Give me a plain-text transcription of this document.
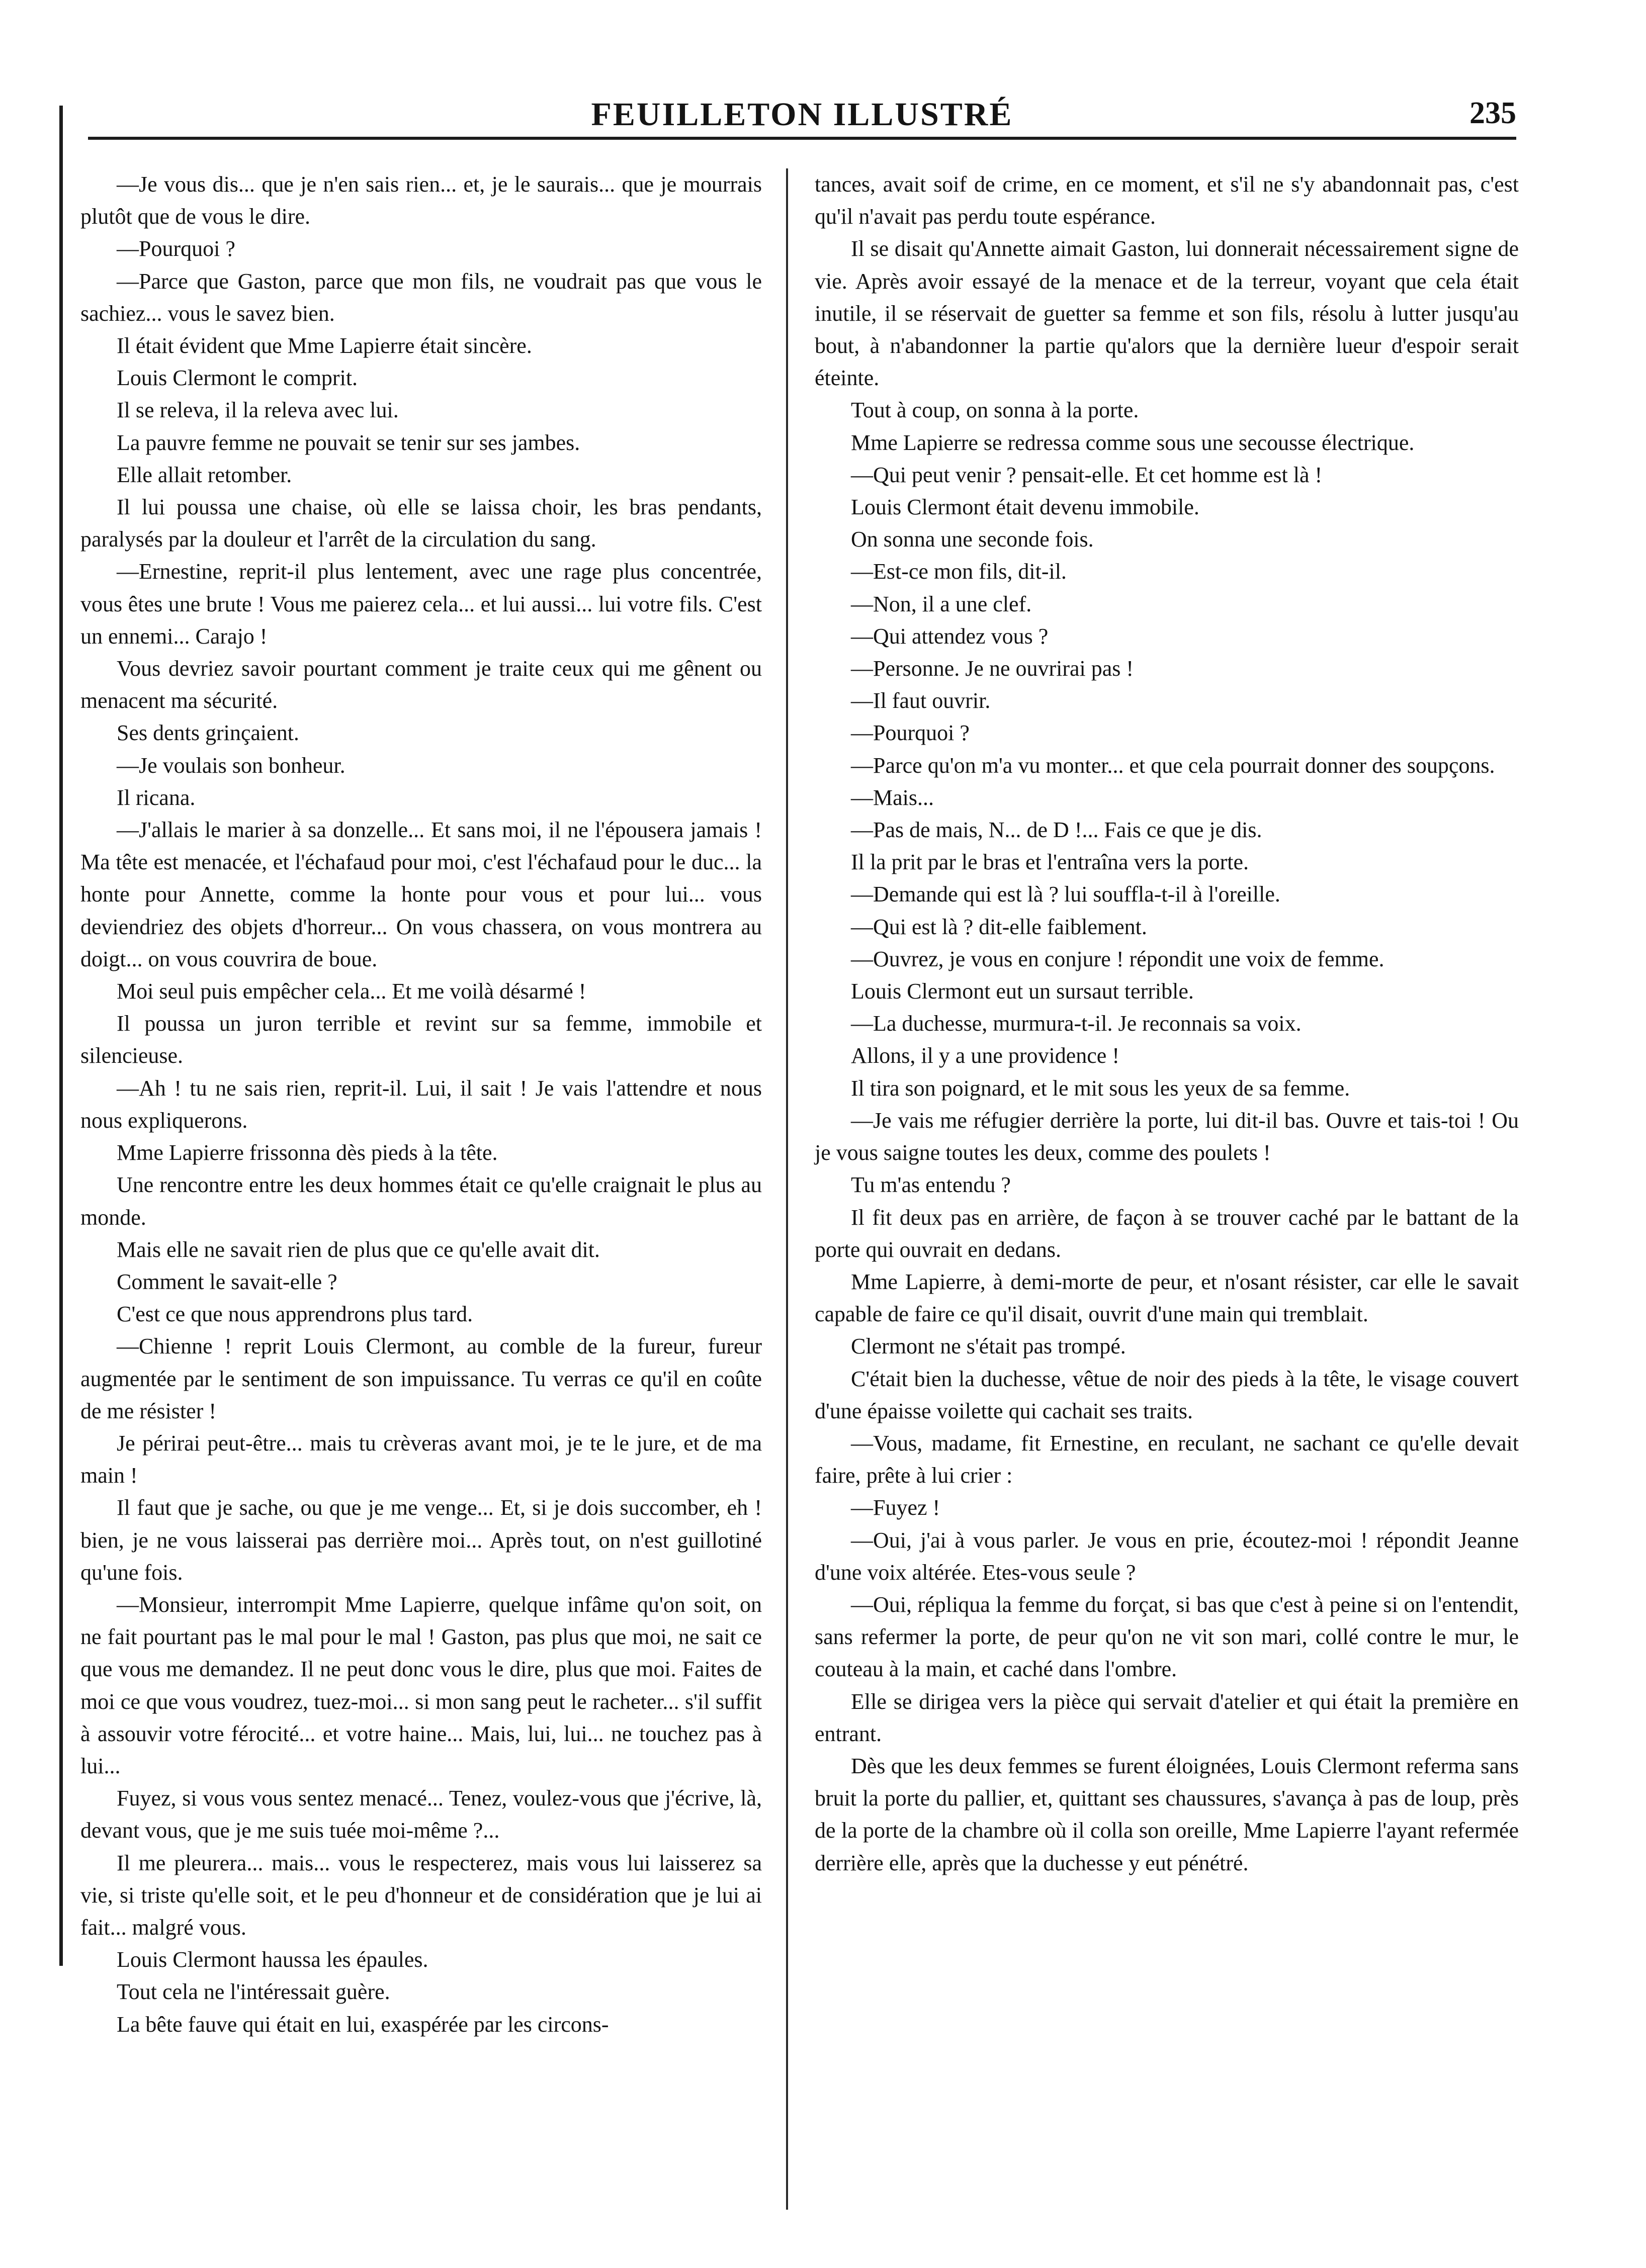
FEUILLETON ILLUSTRÉ	235

—Je vous dis... que je n'en sais rien... et, je le saurais... que je mourrais plutôt que de vous le dire.

—Pourquoi ?

—Parce que Gaston, parce que mon fils, ne voudrait pas que vous le sachiez... vous le savez bien.

Il était évident que Mme Lapierre était sincère.

Louis Clermont le comprit.

Il se releva, il la releva avec lui.

La pauvre femme ne pouvait se tenir sur ses jambes.

Elle allait retomber.

Il lui poussa une chaise, où elle se laissa choir, les bras pendants, paralysés par la douleur et l'arrêt de la circulation du sang.

—Ernestine, reprit-il plus lentement, avec une rage plus concentrée, vous êtes une brute ! Vous me paierez cela... et lui aussi... lui votre fils. C'est un ennemi... Carajo !

Vous devriez savoir pourtant comment je traite ceux qui me gênent ou menacent ma sécurité.

Ses dents grinçaient.

—Je voulais son bonheur.

Il ricana.

—J'allais le marier à sa donzelle... Et sans moi, il ne l'épousera jamais ! Ma tête est menacée, et l'échafaud pour moi, c'est l'échafaud pour le duc... la honte pour Annette, comme la honte pour vous et pour lui... vous deviendriez des objets d'horreur... On vous chassera, on vous montrera au doigt... on vous couvrira de boue.

Moi seul puis empêcher cela... Et me voilà désarmé !

Il poussa un juron terrible et revint sur sa femme, immobile et silencieuse.

—Ah ! tu ne sais rien, reprit-il. Lui, il sait ! Je vais l'attendre et nous nous expliquerons.

Mme Lapierre frissonna dès pieds à la tête.

Une rencontre entre les deux hommes était ce qu'elle craignait le plus au monde.

Mais elle ne savait rien de plus que ce qu'elle avait dit.

Comment le savait-elle ?

C'est ce que nous apprendrons plus tard.

—Chienne ! reprit Louis Clermont, au comble de la fureur, fureur augmentée par le sentiment de son impuissance. Tu verras ce qu'il en coûte de me résister !

Je périrai peut-être... mais tu crèveras avant moi, je te le jure, et de ma main !

Il faut que je sache, ou que je me venge... Et, si je dois succomber, eh ! bien, je ne vous laisserai pas derrière moi... Après tout, on n'est guillotiné qu'une fois.

—Monsieur, interrompit Mme Lapierre, quelque infâme qu'on soit, on ne fait pourtant pas le mal pour le mal ! Gaston, pas plus que moi, ne sait ce que vous me demandez. Il ne peut donc vous le dire, plus que moi. Faites de moi ce que vous voudrez, tuez-moi... si mon sang peut le racheter... s'il suffit à assouvir votre férocité... et votre haine... Mais, lui, lui... ne touchez pas à lui...

Fuyez, si vous vous sentez menacé... Tenez, voulez-vous que j'écrive, là, devant vous, que je me suis tuée moi-même ?...

Il me pleurera... mais... vous le respecterez, mais vous lui laisserez sa vie, si triste qu'elle soit, et le peu d'honneur et de considération que je lui ai fait... malgré vous.

Louis Clermont haussa les épaules.

Tout cela ne l'intéressait guère.

La bête fauve qui était en lui, exaspérée par les circons-

tances, avait soif de crime, en ce moment, et s'il ne s'y abandonnait pas, c'est qu'il n'avait pas perdu toute espérance.

Il se disait qu'Annette aimait Gaston, lui donnerait nécessairement signe de vie. Après avoir essayé de la menace et de la terreur, voyant que cela était inutile, il se réservait de guetter sa femme et son fils, résolu à lutter jusqu'au bout, à n'abandonner la partie qu'alors que la dernière lueur d'espoir serait éteinte.

Tout à coup, on sonna à la porte.

Mme Lapierre se redressa comme sous une secousse électrique.

—Qui peut venir ? pensait-elle. Et cet homme est là !

Louis Clermont était devenu immobile.

On sonna une seconde fois.

—Est-ce mon fils, dit-il.

—Non, il a une clef.

—Qui attendez vous ?

—Personne. Je ne ouvrirai pas !

—Il faut ouvrir.

—Pourquoi ?

—Parce qu'on m'a vu monter... et que cela pourrait donner des soupçons.

—Mais...

—Pas de mais, N... de D !... Fais ce que je dis.

Il la prit par le bras et l'entraîna vers la porte.

—Demande qui est là ? lui souffla-t-il à l'oreille.

—Qui est là ? dit-elle faiblement.

—Ouvrez, je vous en conjure ! répondit une voix de femme.

Louis Clermont eut un sursaut terrible.

—La duchesse, murmura-t-il. Je reconnais sa voix.

Allons, il y a une providence !

Il tira son poignard, et le mit sous les yeux de sa femme.

—Je vais me réfugier derrière la porte, lui dit-il bas. Ouvre et tais-toi ! Ou je vous saigne toutes les deux, comme des poulets !

Tu m'as entendu ?

Il fit deux pas en arrière, de façon à se trouver caché par le battant de la porte qui ouvrait en dedans.

Mme Lapierre, à demi-morte de peur, et n'osant résister, car elle le savait capable de faire ce qu'il disait, ouvrit d'une main qui tremblait.

Clermont ne s'était pas trompé.

C'était bien la duchesse, vêtue de noir des pieds à la tête, le visage couvert d'une épaisse voilette qui cachait ses traits.

—Vous, madame, fit Ernestine, en reculant, ne sachant ce qu'elle devait faire, prête à lui crier :

—Fuyez !

—Oui, j'ai à vous parler. Je vous en prie, écoutez-moi ! répondit Jeanne d'une voix altérée. Etes-vous seule ?

—Oui, répliqua la femme du forçat, si bas que c'est à peine si on l'entendit, sans refermer la porte, de peur qu'on ne vit son mari, collé contre le mur, le couteau à la main, et caché dans l'ombre.

Elle se dirigea vers la pièce qui servait d'atelier et qui était la première en entrant.

Dès que les deux femmes se furent éloignées, Louis Clermont referma sans bruit la porte du pallier, et, quittant ses chaussures, s'avança à pas de loup, près de la porte de la chambre où il colla son oreille, Mme Lapierre l'ayant refermée derrière elle, après que la duchesse y eut pénétré.
